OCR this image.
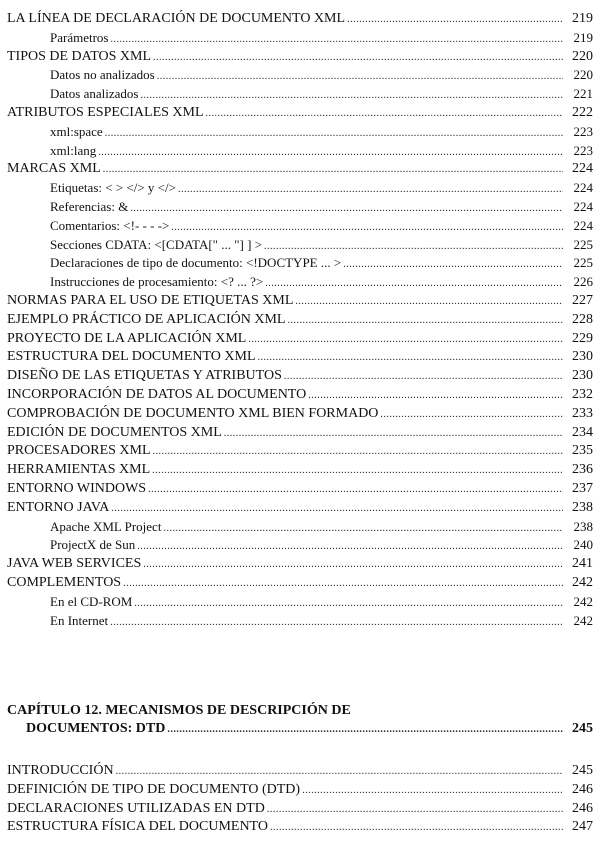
LA LÍNEA DE DECLARACIÓN DE DOCUMENTO XML .....	219
Parámetros .....	219
TIPOS DE DATOS XML .....	220
Datos no analizados .....	220
Datos analizados .....	221
ATRIBUTOS ESPECIALES XML .....	222
xml:space .....	223
xml:lang .....	223
MARCAS XML .....	224
Etiquetas: < > </> y </> .....	224
Referencias: & .....	224
Comentarios: <!- - - -> .....	224
Secciones CDATA: <[CDATA[" ... "] ] > .....	225
Declaraciones de tipo de documento: <!DOCTYPE ... > .....	225
Instrucciones de procesamiento: <? ... ?> .....	226
NORMAS PARA EL USO DE ETIQUETAS XML .....	227
EJEMPLO PRÁCTICO DE APLICACIÓN XML .....	228
PROYECTO DE LA APLICACIÓN XML .....	229
ESTRUCTURA DEL DOCUMENTO XML .....	230
DISEÑO DE LAS ETIQUETAS Y ATRIBUTOS .....	230
INCORPORACIÓN DE DATOS AL DOCUMENTO .....	232
COMPROBACIÓN DE DOCUMENTO XML BIEN FORMADO .....	233
EDICIÓN DE DOCUMENTOS XML .....	234
PROCESADORES XML .....	235
HERRAMIENTAS XML .....	236
ENTORNO WINDOWS .....	237
ENTORNO JAVA .....	238
Apache XML Project .....	238
ProjectX de Sun .....	240
JAVA WEB SERVICES .....	241
COMPLEMENTOS .....	242
En el CD-ROM .....	242
En Internet .....	242
CAPÍTULO 12. MECANISMOS DE DESCRIPCIÓN DE
DOCUMENTOS: DTD .....	245
INTRODUCCIÓN .....	245
DEFINICIÓN DE TIPO DE DOCUMENTO (DTD) .....	246
DECLARACIONES UTILIZADAS EN DTD .....	246
ESTRUCTURA FÍSICA DEL DOCUMENTO .....	247
